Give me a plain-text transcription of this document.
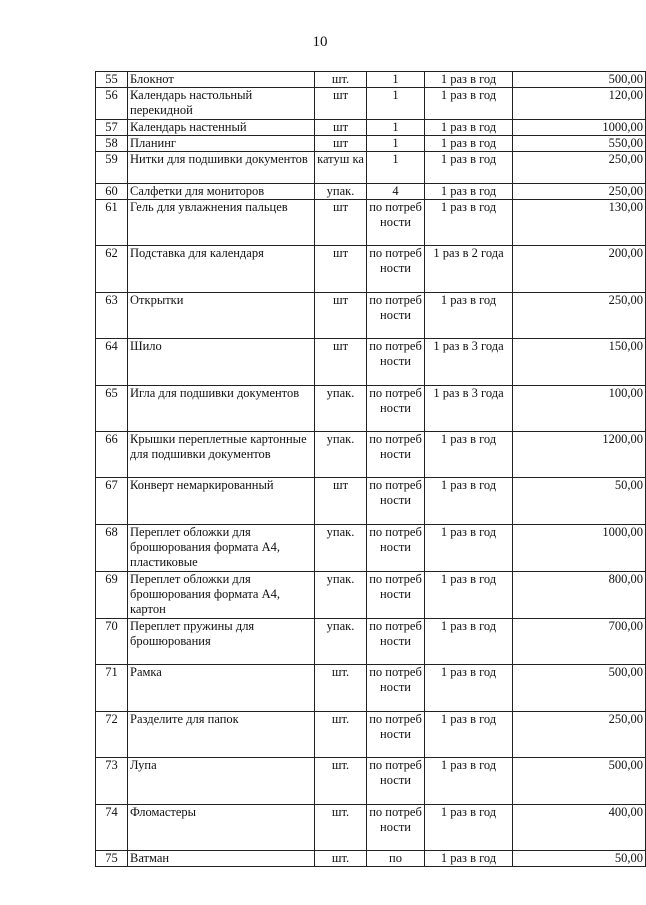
10
55	Блокнот	шт.	1	1 раз в год	500,00
56	Календарь настольный перекидной	шт	1	1 раз в год	120,00
57	Календарь настенный	шт	1	1 раз в год	1000,00
58	Планинг	шт	1	1 раз в год	550,00
59	Нитки для подшивки документов	катуш ка	1	1 раз в год	250,00
60	Салфетки для мониторов	упак.	4	1 раз в год	250,00
61	Гель для увлажнения пальцев	шт	по потреб ности	1 раз в год	130,00
62	Подставка для календаря	шт	по потреб ности	1 раз в 2 года	200,00
63	Открытки	шт	по потреб ности	1 раз в год	250,00
64	Шило	шт	по потреб ности	1 раз в 3 года	150,00
65	Игла для подшивки документов	упак.	по потреб ности	1 раз в 3 года	100,00
66	Крышки переплетные картонные для подшивки документов	упак.	по потреб ности	1 раз в год	1200,00
67	Конверт немаркированный	шт	по потреб ности	1 раз в год	50,00
68	Переплет обложки для брошюрования формата А4, пластиковые	упак.	по потреб ности	1 раз в год	1000,00
69	Переплет обложки для брошюрования формата А4, картон	упак.	по потреб ности	1 раз в год	800,00
70	Переплет пружины для брошюрования	упак.	по потреб ности	1 раз в год	700,00
71	Рамка	шт.	по потреб ности	1 раз в год	500,00
72	Разделите для папок	шт.	по потреб ности	1 раз в год	250,00
73	Лупа	шт.	по потреб ности	1 раз в год	500,00
74	Фломастеры	шт.	по потреб ности	1 раз в год	400,00
75	Ватман	шт.	по	1 раз в год	50,00
